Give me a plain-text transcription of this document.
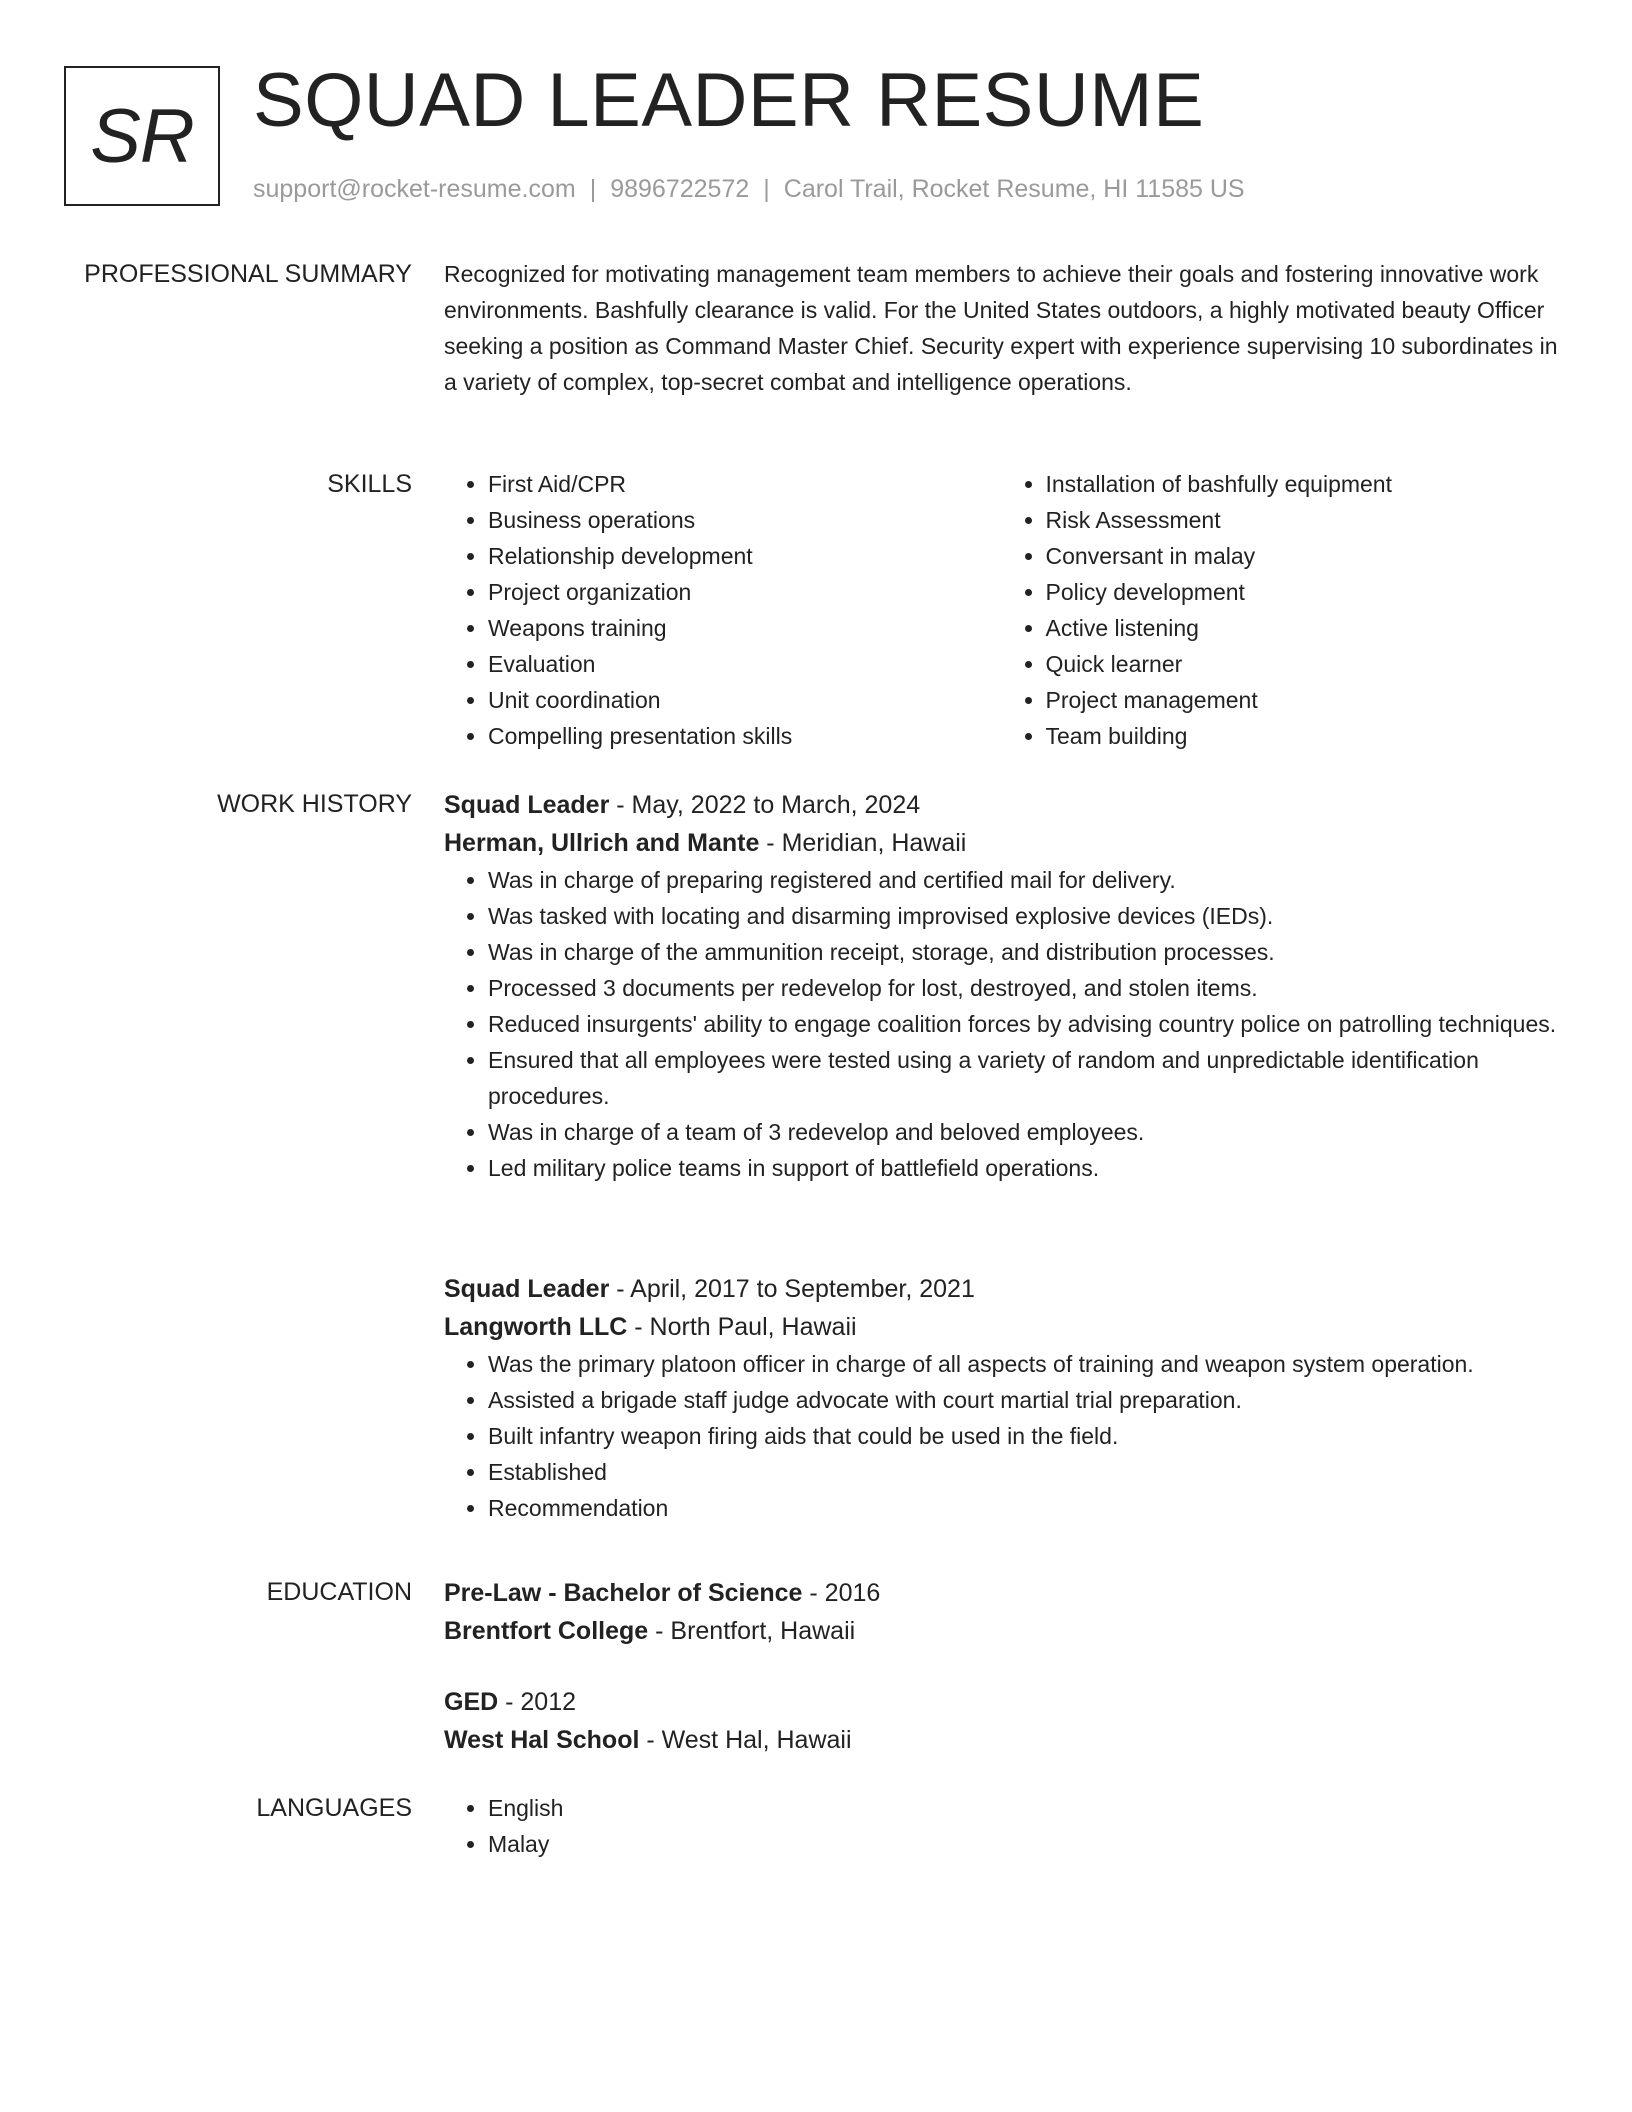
SR SQUAD LEADER RESUME
support@rocket-resume.com | 9896722572 | Carol Trail, Rocket Resume, HI 11585 US
PROFESSIONAL SUMMARY Recognized for motivating management team members to achieve their goals and fostering innovative work environments. Bashfully clearance is valid. For the United States outdoors, a highly motivated beauty Officer seeking a position as Command Master Chief. Security expert with experience supervising 10 subordinates in a variety of complex, top-secret combat and intelligence operations.

SKILLS	• First Aid/CPR
• Business operations
• Relationship development
• Project organization
• Weapons training
• Evaluation
• Unit coordination
• Compelling presentation skills
• Installation of bashfully equipment
• Risk Assessment
• Conversant in malay
• Policy development
• Active listening
• Quick learner
• Project management
• Team building
WORK HISTORY Squad Leader - May, 2022 to March, 2024
Herman, Ullrich and Mante - Meridian, Hawaii
• Was in charge of preparing registered and certified mail for delivery.
• Was tasked with locating and disarming improvised explosive devices (IEDs).
• Was in charge of the ammunition receipt, storage, and distribution processes.
• Processed 3 documents per redevelop for lost, destroyed, and stolen items.
• Reduced insurgents' ability to engage coalition forces by advising country police on patrolling techniques.
• Ensured that all employees were tested using a variety of random and unpredictable identification procedures.
• Was in charge of a team of 3 redevelop and beloved employees.
• Led military police teams in support of battlefield operations.
Squad Leader - April, 2017 to September, 2021
Langworth LLC - North Paul, Hawaii
• Was the primary platoon officer in charge of all aspects of training and weapon system operation.
• Assisted a brigade staff judge advocate with court martial trial preparation.
• Built infantry weapon firing aids that could be used in the field.
• Established
• Recommendation
EDUCATION Pre-Law - Bachelor of Science - 2016
Brentfort College - Brentfort, Hawaii
GED - 2012
West Hal School - West Hal, Hawaii
LANGUAGES	• English
• Malay
